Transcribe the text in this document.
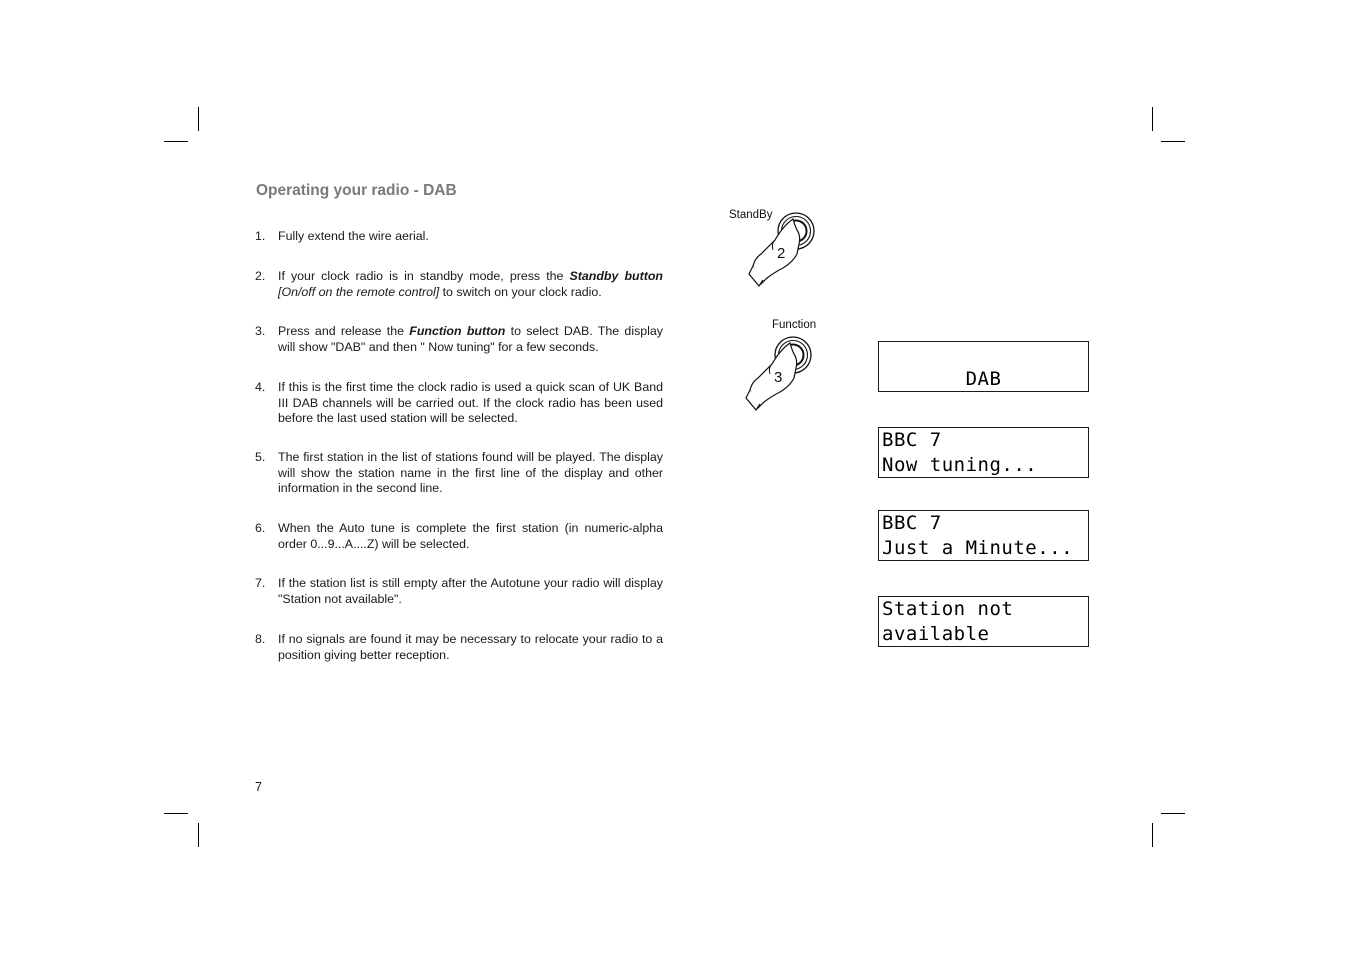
Operating your radio - DAB
1.	Fully extend the wire aerial.
2.	If your clock radio is in standby mode, press the Standby button [On/off on the remote control] to switch on your clock radio.
3.	Press and release the Function button to select DAB. The display will show "DAB" and then " Now tuning" for a few seconds.
4.	If this is the first time the clock radio is used a quick scan of UK Band III DAB channels will be carried out. If the clock radio has been used before the last used station will be selected.
5.	The first station in the list of stations found will be played. The display will show the station name in the first line of the display and other information in the second line.
6.	When the Auto tune is complete the first station (in numeric-alpha order 0...9...A....Z) will be selected.
7.	If the station list is still empty after the Autotune your radio will display "Station not available".
8.	If no signals are found it may be necessary to relocate your radio to a position giving better reception.
7
StandBy
2
Function
3	DAB
BBC 7
Now tuning...
BBC 7
Just a Minute...
Station not
available
